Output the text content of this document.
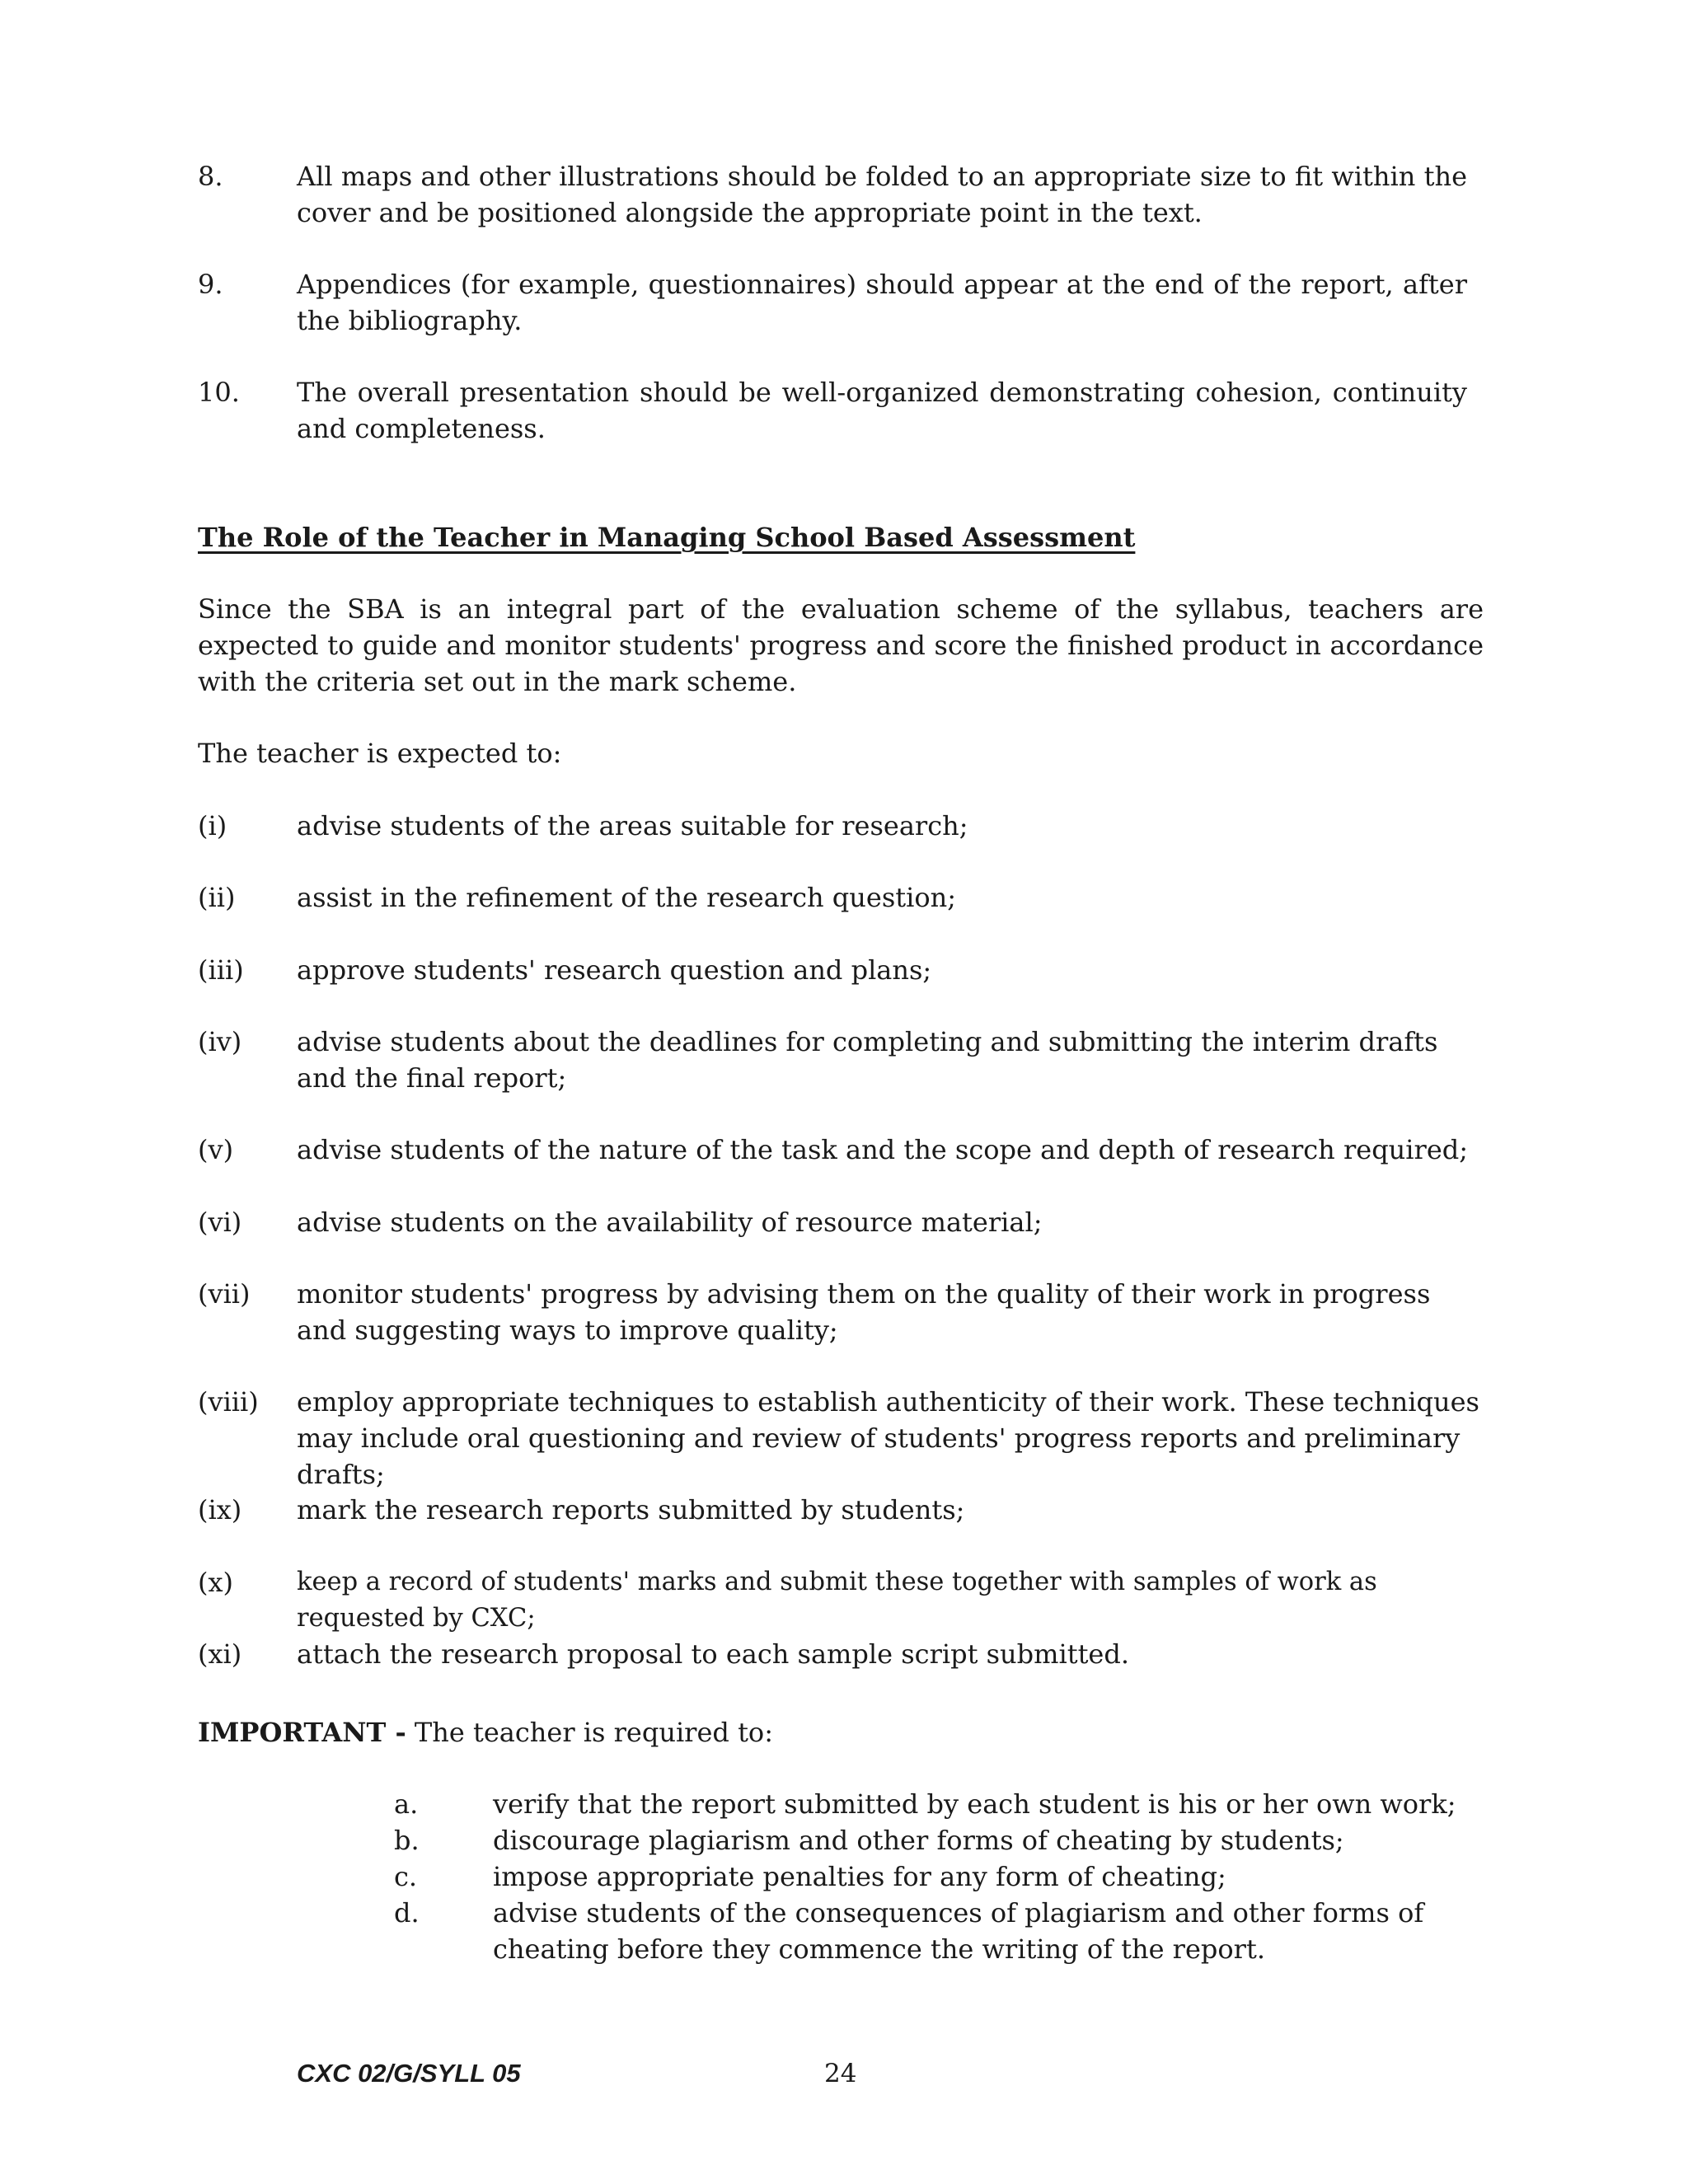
8.	All maps and other illustrations should be folded to an appropriate size to fit within the cover and be positioned alongside the appropriate point in the text.
9.	Appendices (for example, questionnaires) should appear at the end of the report, after the bibliography.
10. The overall presentation should be well-organized demonstrating cohesion, continuity and completeness.
The Role of the Teacher in Managing School Based Assessment
Since the SBA is an integral part of the evaluation scheme of the syllabus, teachers are expected to guide and monitor students' progress and score the finished product in accordance with the criteria set out in the mark scheme.
The teacher is expected to:
(i)	advise students of the areas suitable for research;
(ii) assist in the refinement of the research question;
(iii) approve students' research question and plans;
(iv) advise students about the deadlines for completing and submitting the interim drafts and the final report;
(v) advise students of the nature of the task and the scope and depth of research required;
(vi) advise students on the availability of resource material;
(vii) monitor students' progress by advising them on the quality of their work in progress and suggesting ways to improve quality;
(viii) employ appropriate techniques to establish authenticity of their work. These techniques may include oral questioning and review of students' progress reports and preliminary drafts;
(ix) mark the research reports submitted by students;
(x)	keep a record of students' marks and submit these together with samples of work as requested by CXC;
(xi) attach the research proposal to each sample script submitted.
IMPORTANT - The teacher is required to:
a.	verify that the report submitted by each student is his or her own work;
b.	discourage plagiarism and other forms of cheating by students;
c.	impose appropriate penalties for any form of cheating;
d.	advise students of the consequences of plagiarism and other forms of cheating before they commence the writing of the report.
CXC 02/G/SYLL 05	24
